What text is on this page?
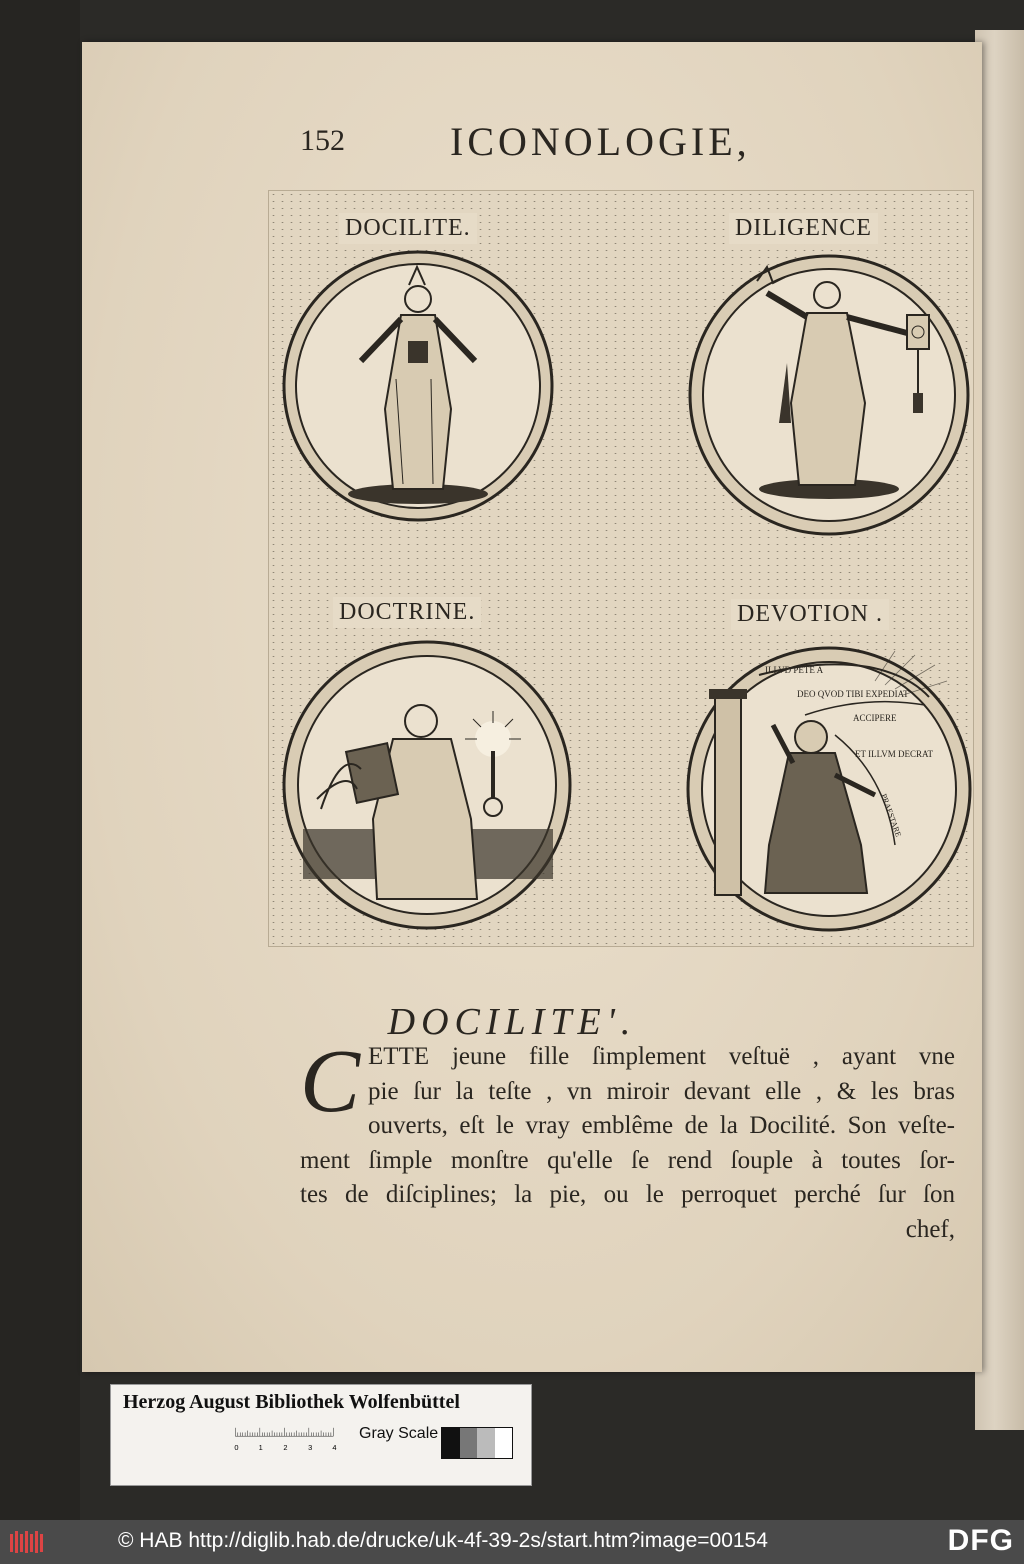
152	ICONOLOGIE,
DOCILITE.	DILIGENCE
DOCTRINE.
ILLVD PETE A
DEO QVOD TIBI EXPEDIAT
ACCIPERE
ET ILLVM DECRAT
PRAESTARE
DEVOTION .
DOCILITE'.
C ETTE jeune fille ſimplement veſtuë , ayant vne
pie ſur la teſte , vn miroir devant elle , & les bras
ouverts, eſt le vray emblême de la Docilité. Son veſte-
ment ſimple monſtre qu'elle ſe rend ſouple à toutes ſor-
tes de diſciplines; la pie, ou le perroquet perché ſur ſon
chef,
Herzog August Bibliothek Wolfenbüttel
0 1 2 3 4
Gray Scale
© HAB http://diglib.hab.de/drucke/uk-4f-39-2s/start.htm?image=00154	DFG
